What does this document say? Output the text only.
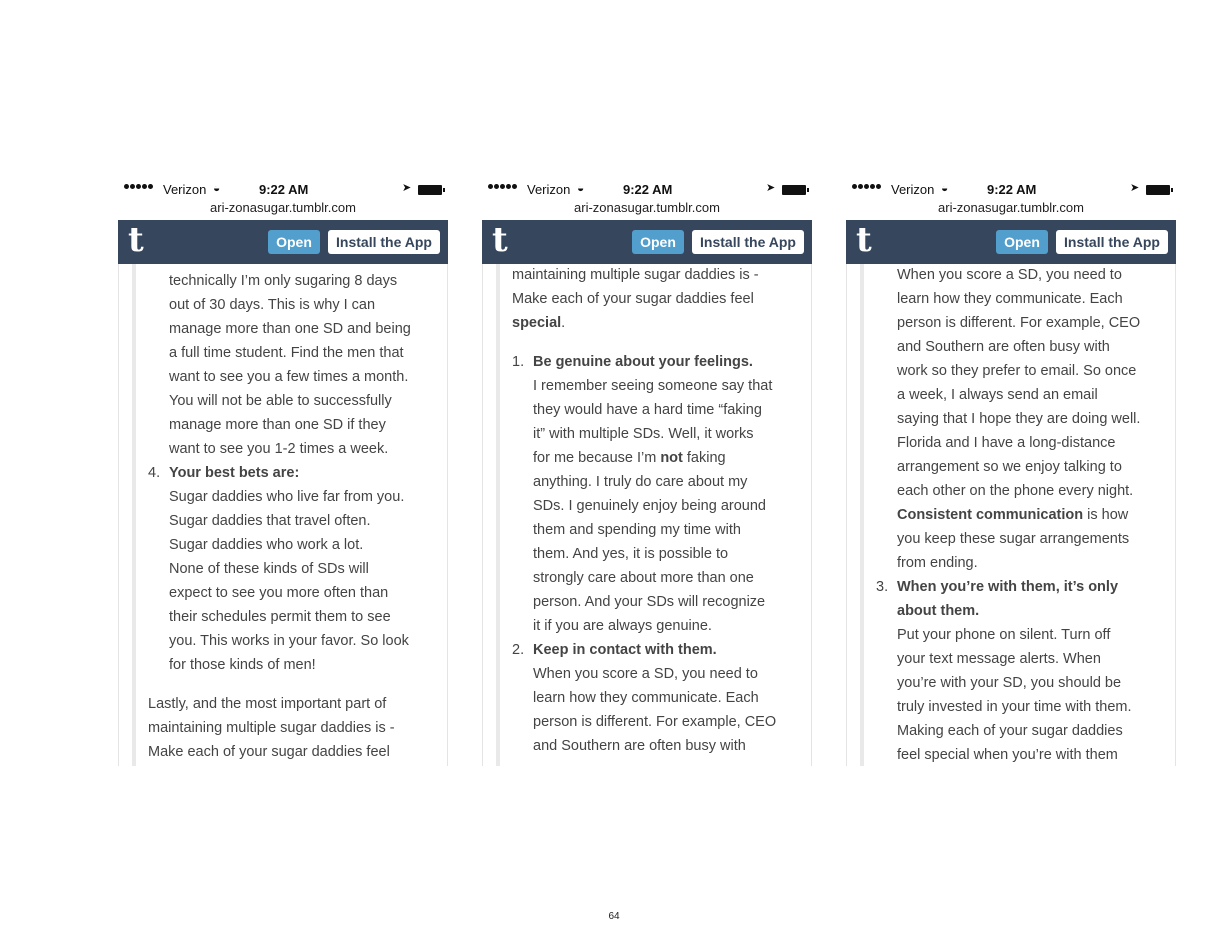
Verizon ◒	9:22 AM	➤
ari-zonasugar.tumblr.com
t	Open	Install the App

technically I’m only sugaring 8 days

out of 30 days. This is why I can

manage more than one SD and being

a full time student. Find the men that

want to see you a few times a month.

You will not be able to successfully

manage more than one SD if they

want to see you 1-2 times a week.

4. Your best bets are:

Sugar daddies who live far from you.

Sugar daddies that travel often.

Sugar daddies who work a lot.

None of these kinds of SDs will

expect to see you more often than

their schedules permit them to see

you. This works in your favor. So look

for those kinds of men!

Lastly, and the most important part of

maintaining multiple sugar daddies is -

Make each of your sugar daddies feel

Verizon ◒	9:22 AM	➤
ari-zonasugar.tumblr.com
t	Open	Install the App

maintaining multiple sugar daddies is -

Make each of your sugar daddies feel

special.

1. Be genuine about your feelings.

I remember seeing someone say that

they would have a hard time “faking

it” with multiple SDs. Well, it works

for me because I’m not faking

anything. I truly do care about my

SDs. I genuinely enjoy being around

them and spending my time with

them. And yes, it is possible to

strongly care about more than one

person. And your SDs will recognize

it if you are always genuine.

2. Keep in contact with them.

When you score a SD, you need to

learn how they communicate. Each

person is different. For example, CEO

and Southern are often busy with

Verizon ◒	9:22 AM	➤
ari-zonasugar.tumblr.com
t	Open	Install the App

When you score a SD, you need to

learn how they communicate. Each

person is different. For example, CEO

and Southern are often busy with

work so they prefer to email. So once

a week, I always send an email

saying that I hope they are doing well.

Florida and I have a long-distance

arrangement so we enjoy talking to

each other on the phone every night.

Consistent communication is how

you keep these sugar arrangements

from ending.

3. When you’re with them, it’s only

about them.

Put your phone on silent. Turn off

your text message alerts. When

you’re with your SD, you should be

truly invested in your time with them.

Making each of your sugar daddies

feel special when you’re with them

64
